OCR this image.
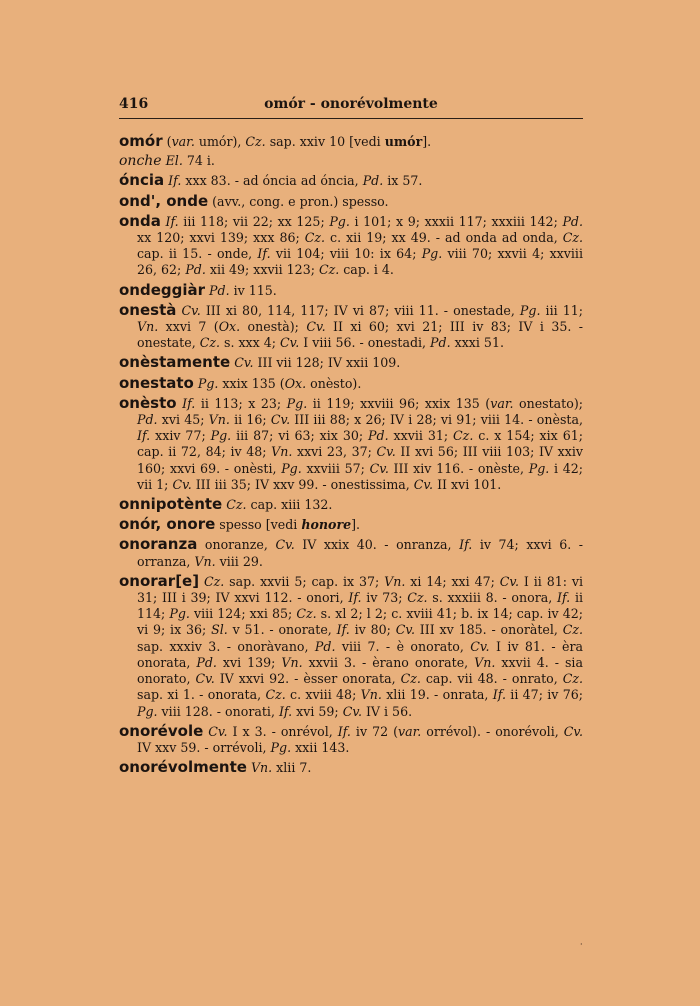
416	omór - onorévolmente
omór (var. umór), Cz. sap. xxiv 10 [vedi umór].
onche El. 74 i.
óncia If. xxx 83. - ad óncia ad óncia, Pd. ix 57.
ond', onde (avv., cong. e pron.) spesso.
onda If. iii 118; vii 22; xx 125; Pg. i 101; x 9; xxxii 117; xxxiii 142; Pd. xx 120; xxvi 139; xxx 86; Cz. c. xii 19; xx 49. - ad onda ad onda, Cz. cap. ii 15. - onde, If. vii 104; viii 10: ix 64; Pg. viii 70; xxvii 4; xxviii 26, 62; Pd. xii 49; xxvii 123; Cz. cap. i 4.
ondeggiàr Pd. iv 115.
onestà Cv. III xi 80, 114, 117; IV vi 87; viii 11. - onestade, Pg. iii 11; Vn. xxvi 7 (Ox. onestà); Cv. II xi 60; xvi 21; III iv 83; IV i 35. - onestate, Cz. s. xxx 4; Cv. I viii 56. - onestadi, Pd. xxxi 51.
onèstamente Cv. III vii 128; IV xxii 109.
onestato Pg. xxix 135 (Ox. onèsto).
onèsto If. ii 113; x 23; Pg. ii 119; xxviii 96; xxix 135 (var. onestato); Pd. xvi 45; Vn. ii 16; Cv. III iii 88; x 26; IV i 28; vi 91; viii 14. - onèsta, If. xxiv 77; Pg. iii 87; vi 63; xix 30; Pd. xxvii 31; Cz. c. x 154; xix 61; cap. ii 72, 84; iv 48; Vn. xxvi 23, 37; Cv. II xvi 56; III viii 103; IV xxiv 160; xxvi 69. - onèsti, Pg. xxviii 57; Cv. III xiv 116. - onèste, Pg. i 42; vii 1; Cv. III iii 35; IV xxv 99. - onestissima, Cv. II xvi 101.
onnipotènte Cz. cap. xiii 132.
onór, onore spesso [vedi honore].
onoranza onoranze, Cv. IV xxix 40. - onranza, If. iv 74; xxvi 6. - orranza, Vn. viii 29.
onorar[e] Cz. sap. xxvii 5; cap. ix 37; Vn. xi 14; xxi 47; Cv. I ii 81: vi 31; III i 39; IV xxvi 112. - onori, If. iv 73; Cz. s. xxxiii 8. - onora, If. ii 114; Pg. viii 124; xxi 85; Cz. s. xl 2; l 2; c. xviii 41; b. ix 14; cap. iv 42; vi 9; ix 36; Sl. v 51. - onorate, If. iv 80; Cv. III xv 185. - onoràtel, Cz. sap. xxxiv 3. - onoràvano, Pd. viii 7. - è onorato, Cv. I iv 81. - èra onorata, Pd. xvi 139; Vn. xxvii 3. - èrano onorate, Vn. xxvii 4. - sia onorato, Cv. IV xxvi 92. - èsser onorata, Cz. cap. vii 48. - onrato, Cz. sap. xi 1. - onorata, Cz. c. xviii 48; Vn. xlii 19. - onrata, If. ii 47; iv 76; Pg. viii 128. - onorati, If. xvi 59; Cv. IV i 56.
onorévole Cv. I x 3. - onrévol, If. iv 72 (var. orrévol). - onorévoli, Cv. IV xxv 59. - orrévoli, Pg. xxii 143.
onorévolmente Vn. xlii 7.
·
